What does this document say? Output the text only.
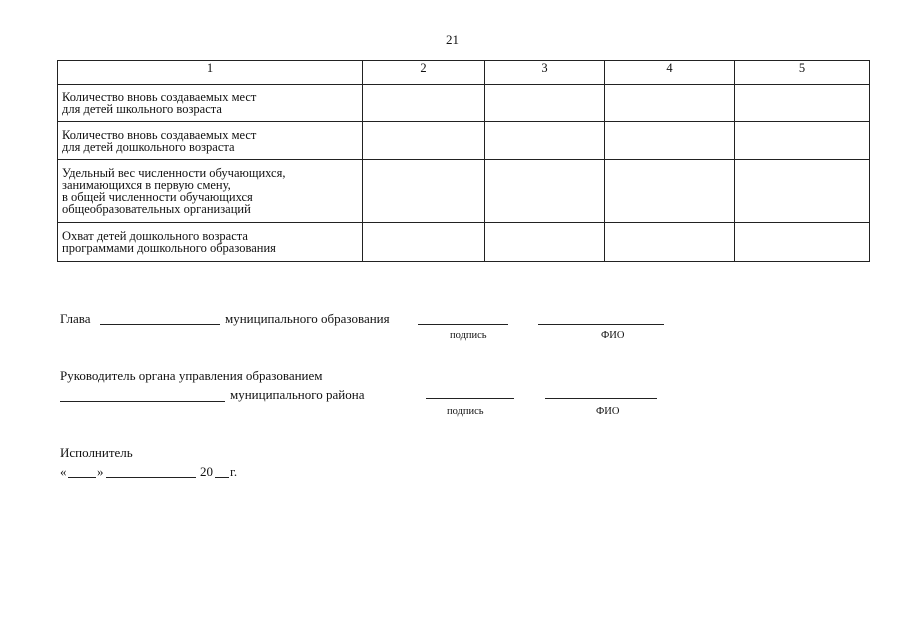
21
1	2	3	4	5

Количество вновь создаваемых мест
для детей школьного возраста				

Количество вновь создаваемых мест
для детей дошкольного возраста				

Удельный вес численности обучающихся,
занимающихся в первую смену,
в общей численности обучающихся
общеобразовательных организаций				

Охват детей дошкольного возраста
программами дошкольного образования				

Глава	муниципального образования
подпись	ФИО
Руководитель органа управления образованием
муниципального района
подпись	ФИО
Исполнитель
« »	20 г.
